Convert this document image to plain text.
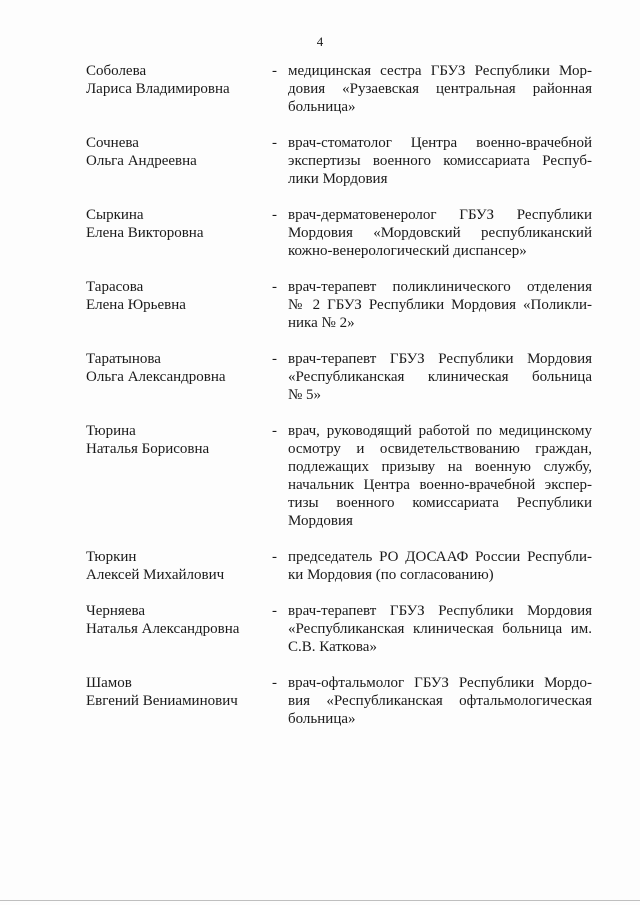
4
Соболева
Лариса Владимировна
- медицинская сестра ГБУЗ Республики Мор-
довия «Рузаевская центральная районная
больница»
Сочнева
Ольга Андреевна
- врач-стоматолог Центра военно-врачебной
экспертизы военного комиссариата Респуб-
лики Мордовия
Сыркина
Елена Викторовна
- врач-дерматовенеролог ГБУЗ Республики
Мордовия «Мордовский республиканский
кожно-венерологический диспансер»
Тарасова
Елена Юрьевна
- врач-терапевт поликлинического отделения
№ 2 ГБУЗ Республики Мордовия «Поликли-
ника № 2»
Таратынова
Ольга Александровна
- врач-терапевт ГБУЗ Республики Мордовия
«Республиканская клиническая больница
№ 5»
Тюрина
Наталья Борисовна
- врач, руководящий работой по медицинскому
осмотру и освидетельствованию граждан,
подлежащих призыву на военную службу,
начальник Центра военно-врачебной экспер-
тизы военного комиссариата Республики
Мордовия
Тюркин
Алексей Михайлович
- председатель РО ДОСААФ России Республи-
ки Мордовия (по согласованию)
Черняева
Наталья Александровна
- врач-терапевт ГБУЗ Республики Мордовия
«Республиканская клиническая больница им.
С.В. Каткова»
Шамов
Евгений Вениаминович
- врач-офтальмолог ГБУЗ Республики Мордо-
вия «Республиканская офтальмологическая
больница»
